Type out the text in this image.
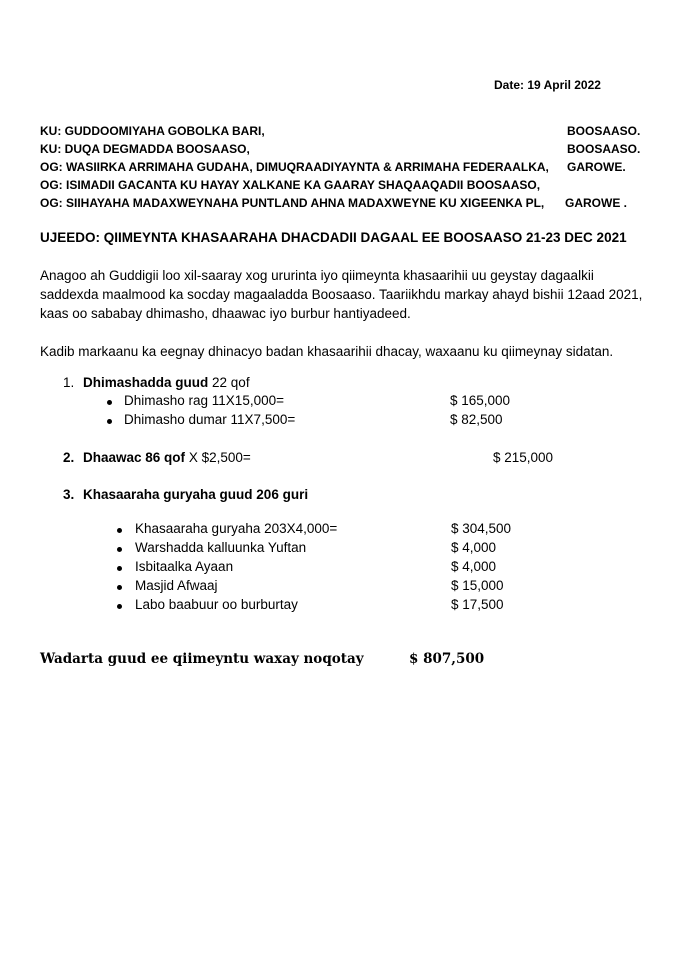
Date: 19 April 2022
KU: GUDDOOMIYAHA GOBOLKA BARI,	BOOSAASO.
KU: DUQA DEGMADDA BOOSAASO,	BOOSAASO.
OG: WASIIRKA ARRIMAHA GUDAHA, DIMUQRAADIYAYNTA & ARRIMAHA FEDERAALKA, GAROWE.
OG: ISIMADII GACANTA KU HAYAY XALKANE KA GAARAY SHAQAAQADII BOOSAASO,
OG: SIIHAYAHA MADAXWEYNAHA PUNTLAND AHNA MADAXWEYNE KU XIGEENKA PL, GAROWE .
UJEEDO: QIIMEYNTA KHASAARAHA DHACDADII DAGAAL EE BOOSAASO 21-23 DEC 2021
Anagoo ah Guddigii loo xil-saaray xog ururinta iyo qiimeynta khasaarihii uu geystay dagaalkii
saddexda maalmood ka socday magaaladda Boosaaso. Taariikhdu markay ahayd bishii 12aad 2021,
kaas oo sababay dhimasho, dhaawac iyo burbur hantiyadeed.
Kadib markaanu ka eegnay dhinacyo badan khasaarihii dhacay, waxaanu ku qiimeynay sidatan.
1. Dhimashadda guud 22 qof
Dhimasho rag 11X15,000=	$ 165,000
Dhimasho dumar 11X7,500=	$ 82,500
2. Dhaawac 86 qof X $2,500=	$ 215,000
3. Khasaaraha guryaha guud 206 guri
Khasaaraha guryaha 203X4,000=	$ 304,500
Warshadda kalluunka Yuftan	$ 4,000
Isbitaalka Ayaan	$ 4,000
Masjid Afwaaj	$ 15,000
Labo baabuur oo burburtay	$ 17,500
Wadarta guud ee qiimeyntu waxay noqotay	$ 807,500
